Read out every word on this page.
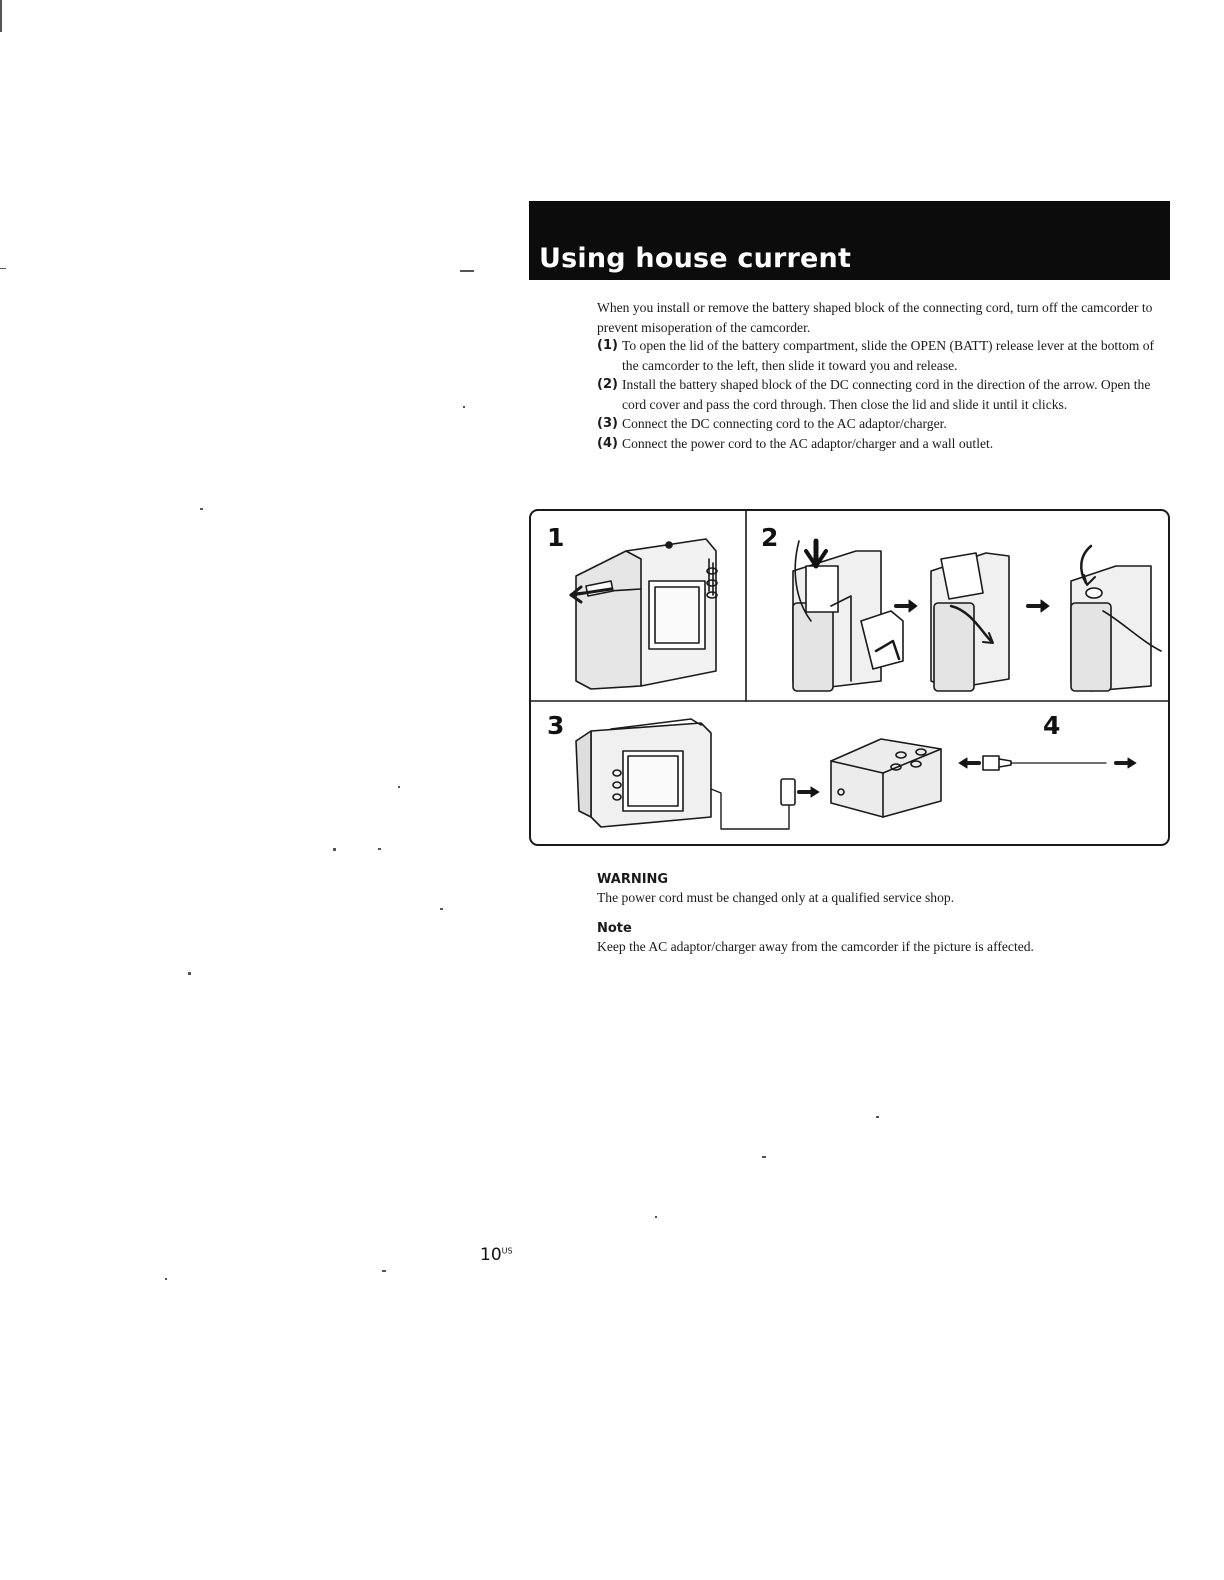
Using house current

When you install or remove the battery shaped block of the connecting cord, turn off the camcorder to prevent misoperation of the camcorder.

(1) To open the lid of the battery compartment, slide the OPEN (BATT) release lever at the bottom of the camcorder to the left, then slide it toward you and release.
(2) Install the battery shaped block of the DC connecting cord in the direction of the arrow. Open the cord cover and pass the cord through. Then close the lid and slide it until it clicks.
(3) Connect the DC connecting cord to the AC adaptor/charger.
(4) Connect the power cord to the AC adaptor/charger and a wall outlet.
1	2
3	4
WARNING

The power cord must be changed only at a qualified service shop.

Note

Keep the AC adaptor/charger away from the camcorder if the picture is affected.

$10^{US}$
